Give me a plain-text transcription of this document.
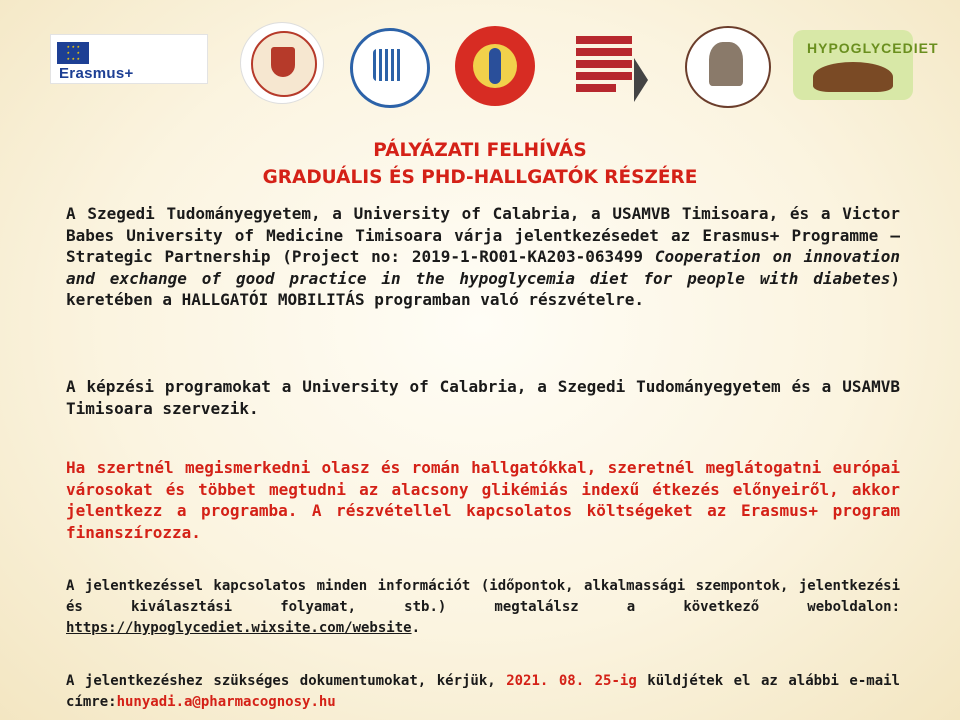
★ ★ ★
★   ★
★ ★ ★
Erasmus+
HYPOGLYCEDIET
PÁLYÁZATI FELHÍVÁS
GRADUÁLIS ÉS PHD-HALLGATÓK RÉSZÉRE
A Szegedi Tudományegyetem, a University of Calabria, a USAMVB Timisoara, és a Victor Babes University of Medicine Timisoara várja jelentkezésedet az Erasmus+ Programme – Strategic Partnership (Project no: 2019-1-RO01-KA203-063499 Cooperation on innovation and exchange of good practice in the hypoglycemia diet for people with diabetes) keretében a HALLGATÓI MOBILITÁS programban való részvételre.
A képzési programokat a University of Calabria, a Szegedi Tudományegyetem és a USAMVB Timisoara szervezik.
Ha szertnél megismerkedni olasz és román hallgatókkal, szeretnél meglátogatni európai városokat és többet megtudni az alacsony glikémiás indexű étkezés előnyeiről, akkor jelentkezz a programba. A részvétellel kapcsolatos költségeket az Erasmus+ program finanszírozza.
A jelentkezéssel kapcsolatos minden információt (időpontok, alkalmassági szempontok, jelentkezési és kiválasztási folyamat, stb.) megtalálsz a következő weboldalon: https://hypoglycediet.wixsite.com/website.
A jelentkezéshez szükséges dokumentumokat, kérjük, 2021. 08. 25-ig küldjétek el az alábbi e-mail címre:hunyadi.a@pharmacognosy.hu
